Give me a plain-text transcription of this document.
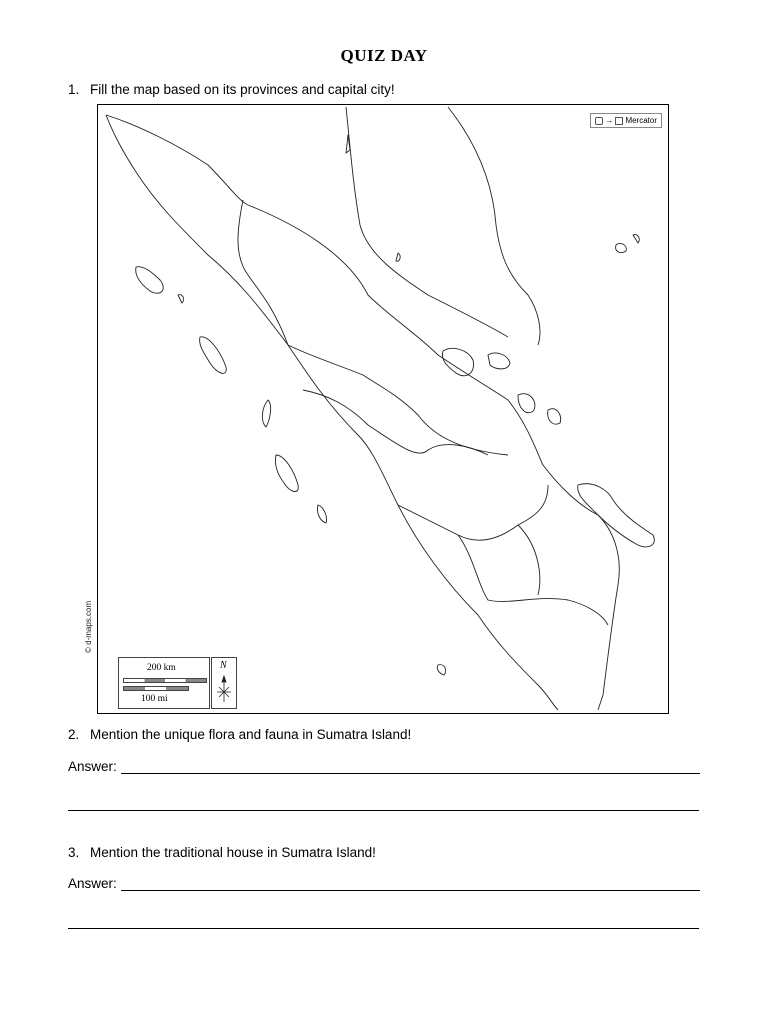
QUIZ DAY
1. Fill the map based on its provinces and capital city!
→ Mercator
© d-maps.com
200 km
100 mi
N
2. Mention the unique flora and fauna in Sumatra Island!
Answer:
3. Mention the traditional house in Sumatra Island!
Answer:
